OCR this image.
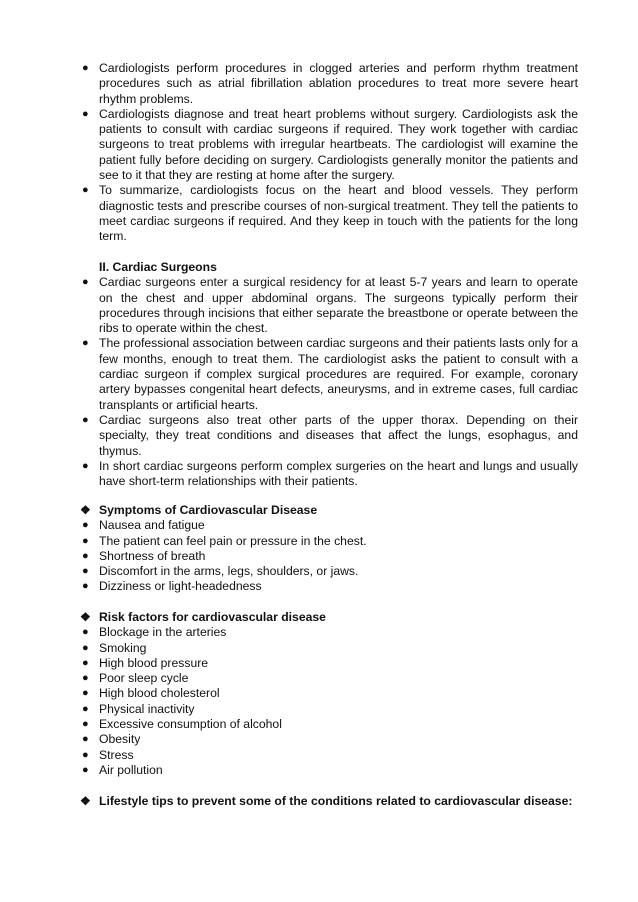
● Cardiologists perform procedures in clogged arteries and perform rhythm treatment procedures such as atrial fibrillation ablation procedures to treat more severe heart rhythm problems.
● Cardiologists diagnose and treat heart problems without surgery. Cardiologists ask the patients to consult with cardiac surgeons if required. They work together with cardiac surgeons to treat problems with irregular heartbeats. The cardiologist will examine the patient fully before deciding on surgery. Cardiologists generally monitor the patients and see to it that they are resting at home after the surgery.
● To summarize, cardiologists focus on the heart and blood vessels. They perform diagnostic tests and prescribe courses of non-surgical treatment. They tell the patients to meet cardiac surgeons if required. And they keep in touch with the patients for the long term.
II. Cardiac Surgeons
● Cardiac surgeons enter a surgical residency for at least 5-7 years and learn to operate on the chest and upper abdominal organs. The surgeons typically perform their procedures through incisions that either separate the breastbone or operate between the ribs to operate within the chest.
● The professional association between cardiac surgeons and their patients lasts only for a few months, enough to treat them. The cardiologist asks the patient to consult with a cardiac surgeon if complex surgical procedures are required. For example, coronary artery bypasses congenital heart defects, aneurysms, and in extreme cases, full cardiac transplants or artificial hearts.
● Cardiac surgeons also treat other parts of the upper thorax. Depending on their specialty, they treat conditions and diseases that affect the lungs, esophagus, and thymus.
● In short cardiac surgeons perform complex surgeries on the heart and lungs and usually have short-term relationships with their patients.
❖ Symptoms of Cardiovascular Disease
● Nausea and fatigue
● The patient can feel pain or pressure in the chest.
● Shortness of breath
● Discomfort in the arms, legs, shoulders, or jaws.
● Dizziness or light-headedness
❖ Risk factors for cardiovascular disease
● Blockage in the arteries
● Smoking
● High blood pressure
● Poor sleep cycle
● High blood cholesterol
● Physical inactivity
● Excessive consumption of alcohol
● Obesity
● Stress
● Air pollution
❖ Lifestyle tips to prevent some of the conditions related to cardiovascular disease:
